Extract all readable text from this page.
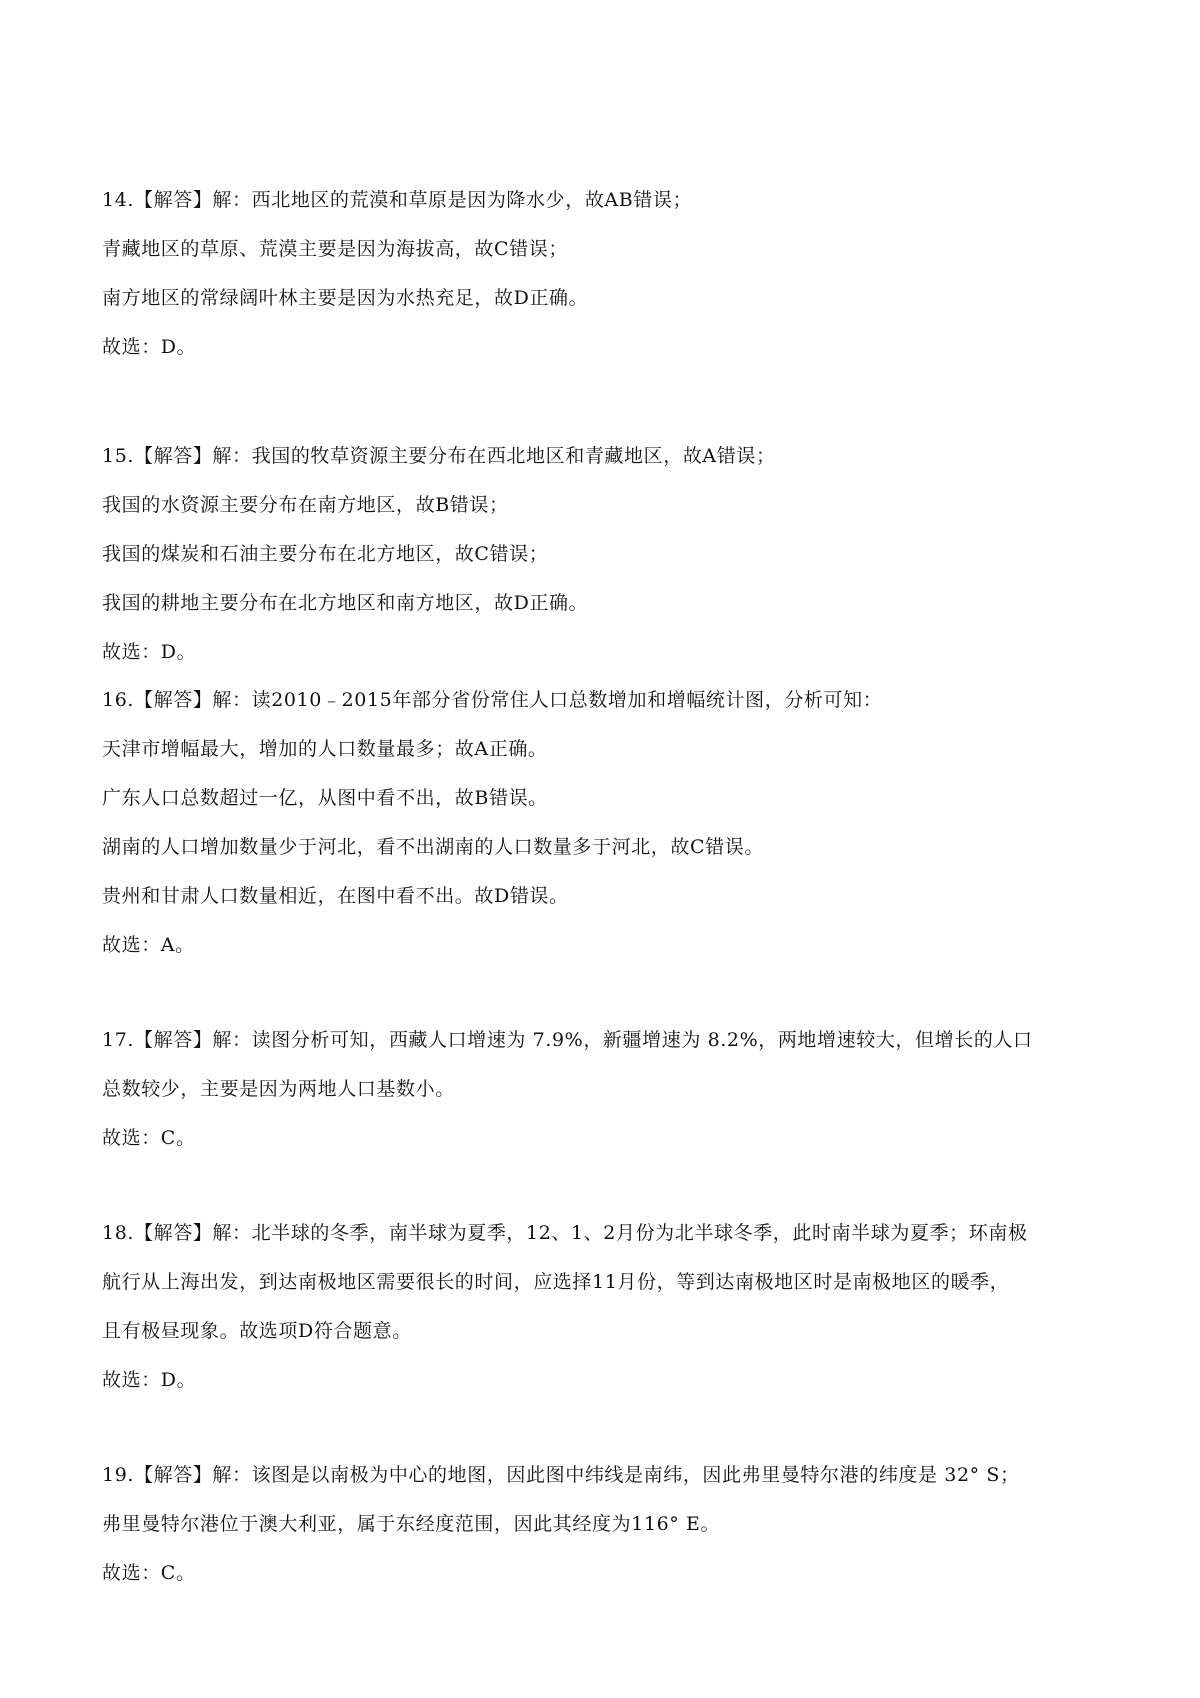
14.【解答】解：西北地区的荒漠和草原是因为降水少，故AB错误；
青藏地区的草原、荒漠主要是因为海拔高，故C错误；
南方地区的常绿阔叶林主要是因为水热充足，故D正确。
故选：D。
15.【解答】解：我国的牧草资源主要分布在西北地区和青藏地区，故A错误；
我国的水资源主要分布在南方地区，故B错误；
我国的煤炭和石油主要分布在北方地区，故C错误；
我国的耕地主要分布在北方地区和南方地区，故D正确。
故选：D。
16.【解答】解：读2010﹣2015年部分省份常住人口总数增加和增幅统计图，分析可知：
天津市增幅最大，增加的人口数量最多；故A正确。
广东人口总数超过一亿，从图中看不出，故B错误。
湖南的人口增加数量少于河北，看不出湖南的人口数量多于河北，故C错误。
贵州和甘肃人口数量相近，在图中看不出。故D错误。
故选：A。
17.【解答】解：读图分析可知，西藏人口增速为 7.9%，新疆增速为 8.2%，两地增速较大，但增长的人口
总数较少，主要是因为两地人口基数小。
故选：C。
18.【解答】解：北半球的冬季，南半球为夏季，12、1、2月份为北半球冬季，此时南半球为夏季；环南极
航行从上海出发，到达南极地区需要很长的时间，应选择11月份，等到达南极地区时是南极地区的暖季，
且有极昼现象。故选项D符合题意。
故选：D。
19.【解答】解：该图是以南极为中心的地图，因此图中纬线是南纬，因此弗里曼特尔港的纬度是 32° S；
弗里曼特尔港位于澳大利亚，属于东经度范围，因此其经度为116° E。
故选：C。
